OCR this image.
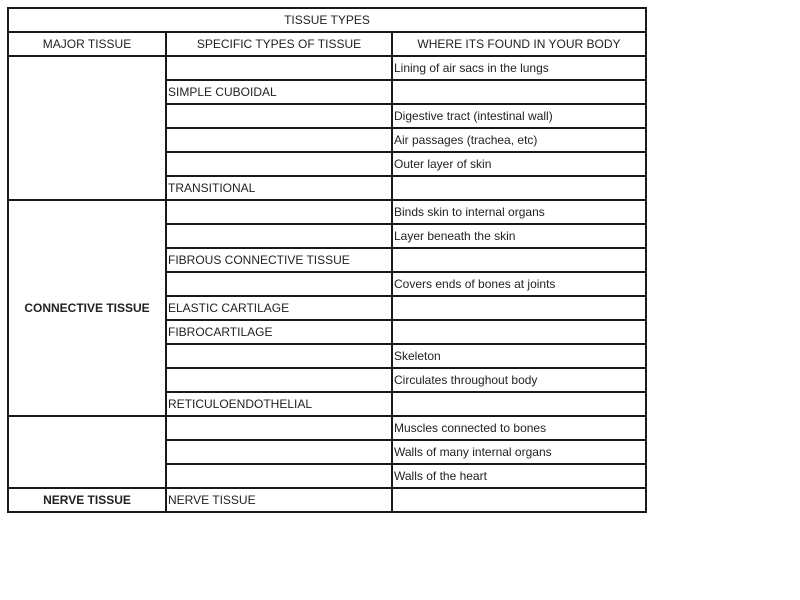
TISSUE TYPES		
MAJOR TISSUE	SPECIFIC TYPES OF TISSUE	WHERE ITS FOUND IN YOUR BODY
		Lining of air sacs in the lungs
	SIMPLE CUBOIDAL	
		Digestive tract (intestinal wall)
		Air passages (trachea, etc)
		Outer layer of skin
	TRANSITIONAL	
CONNECTIVE TISSUE		Binds skin to internal organs
		Layer beneath the skin
	FIBROUS CONNECTIVE TISSUE	
		Covers ends of bones at joints
	ELASTIC CARTILAGE	
	FIBROCARTILAGE	
		Skeleton
		Circulates throughout body
	RETICULOENDOTHELIAL	
		Muscles connected to bones
		Walls of many internal organs
		Walls of the heart
NERVE TISSUE	NERVE TISSUE	
